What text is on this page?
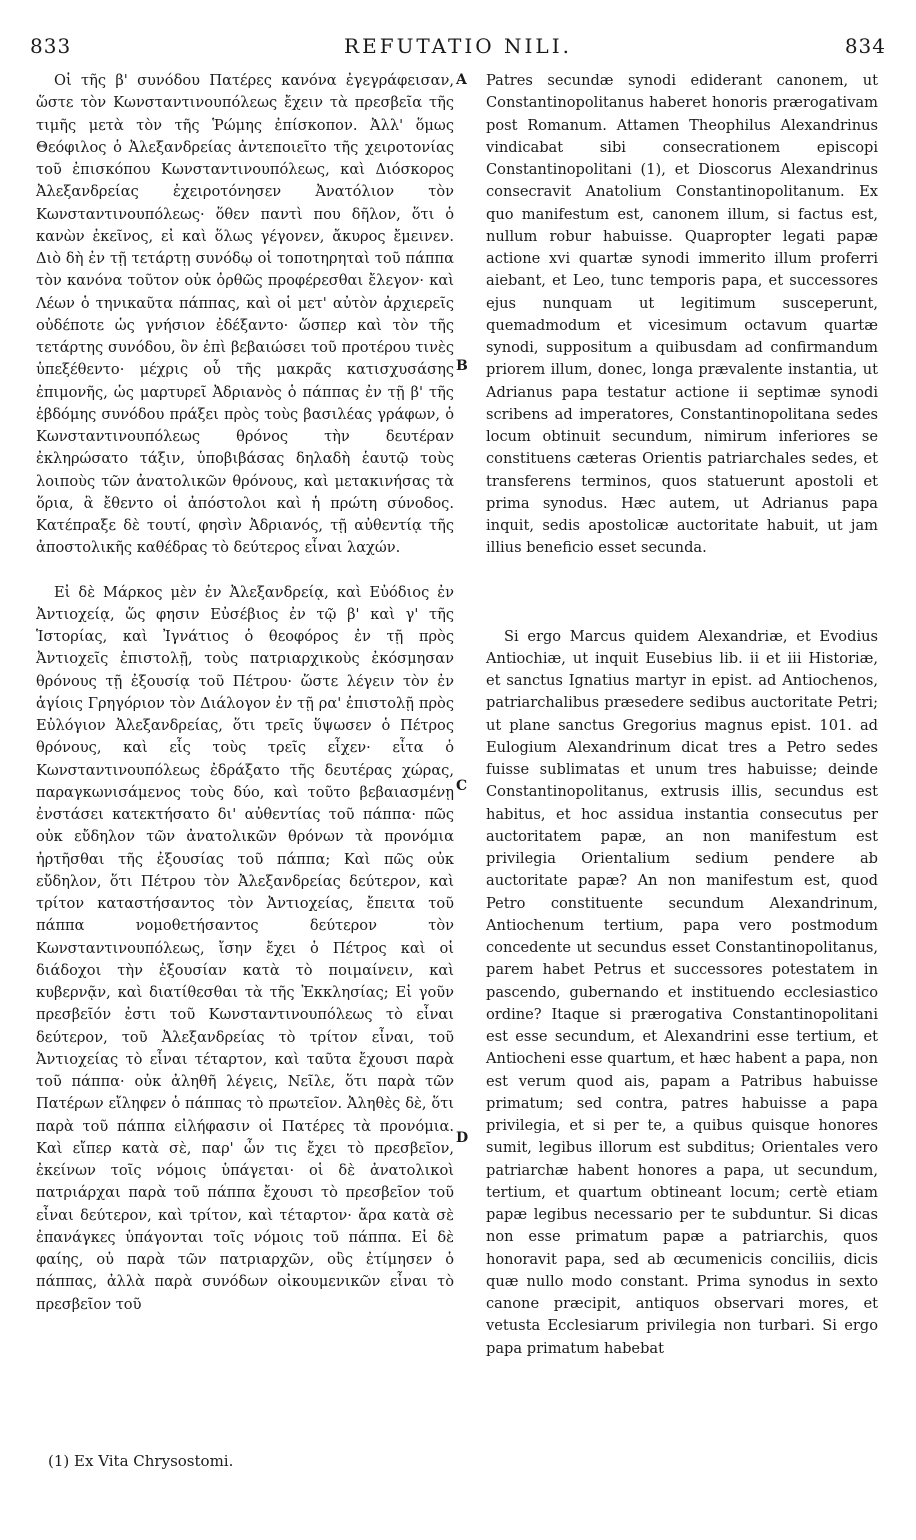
833	REFUTATIO NILI.	834

Οἱ τῆς β' συνόδου Πατέρες κανόνα ἐγεγράφεισαν, ὥστε τὸν Κωνσταντινουπόλεως ἔχειν τὰ πρεσβεῖα τῆς τιμῆς μετὰ τὸν τῆς Ῥώμης ἐπίσκοπον. Ἀλλ' ὅμως Θεόφιλος ὁ Ἀλεξανδρείας ἀντεποιεῖτο τῆς χειροτονίας τοῦ ἐπισκόπου Κωνσταντινουπόλεως, καὶ Διόσκορος Ἀλεξανδρείας ἐχειροτόνησεν Ἀνατόλιον τὸν Κωνσταντινουπόλεως· ὅθεν παντὶ που δῆλον, ὅτι ὁ κανὼν ἐκεῖνος, εἰ καὶ ὅλως γέγονεν, ἄκυρος ἔμεινεν. Διὸ δὴ ἐν τῇ τετάρτῃ συνόδῳ οἱ τοποτηρηταὶ τοῦ πάππα τὸν κανόνα τοῦτον οὐκ ὀρθῶς προφέρεσθαι ἔλεγον· καὶ Λέων ὁ τηνικαῦτα πάππας, καὶ οἱ μετ' αὐτὸν ἀρχιερεῖς οὐδέποτε ὡς γνήσιον ἐδέξαντο· ὥσπερ καὶ τὸν τῆς τετάρτης συνόδου, ὃν ἐπὶ βεβαιώσει τοῦ προτέρου τινὲς ὑπεξέθεντο· μέχρις οὗ τῆς μακρᾶς κατισχυσάσης ἐπιμονῆς, ὡς μαρτυρεῖ Ἀδριανὸς ὁ πάππας ἐν τῇ β' τῆς ἑβδόμης συνόδου πράξει πρὸς τοὺς βασιλέας γράφων, ὁ Κωνσταντινουπόλεως θρόνος τὴν δευτέραν ἐκληρώσατο τάξιν, ὑποβιβάσας δηλαδὴ ἑαυτῷ τοὺς λοιποὺς τῶν ἀνατολικῶν θρόνους, καὶ μετακινήσας τὰ ὅρια, ἃ ἔθεντο οἱ ἀπόστολοι καὶ ἡ πρώτη σύνοδος. Κατέπραξε δὲ τουτί, φησὶν Ἀδριανός, τῇ αὐθεντίᾳ τῆς ἀποστολικῆς καθέδρας τὸ δεύτερος εἶναι λαχών.

Εἰ δὲ Μάρκος μὲν ἐν Ἀλεξανδρείᾳ, καὶ Εὐόδιος ἐν Ἀντιοχείᾳ, ὥς φησιν Εὐσέβιος ἐν τῷ β' καὶ γ' τῆς Ἱστορίας, καὶ Ἰγνάτιος ὁ θεοφόρος ἐν τῇ πρὸς Ἀντιοχεῖς ἐπιστολῇ, τοὺς πατριαρχικοὺς ἐκόσμησαν θρόνους τῇ ἐξουσίᾳ τοῦ Πέτρου· ὥστε λέγειν τὸν ἐν ἁγίοις Γρηγόριον τὸν Διάλογον ἐν τῇ ρα' ἐπιστολῇ πρὸς Εὐλόγιον Ἀλεξανδρείας, ὅτι τρεῖς ὕψωσεν ὁ Πέτρος θρόνους, καὶ εἷς τοὺς τρεῖς εἶχεν· εἶτα ὁ Κωνσταντινουπόλεως ἐδράξατο τῆς δευτέρας χώρας, παραγκωνισάμενος τοὺς δύο, καὶ τοῦτο βεβαιασμένῃ ἐνστάσει κατεκτήσατο δι' αὐθεντίας τοῦ πάππα· πῶς οὐκ εὔδηλον τῶν ἀνατολικῶν θρόνων τὰ προνόμια ἠρτῆσθαι τῆς ἐξουσίας τοῦ πάππα; Καὶ πῶς οὐκ εὔδηλον, ὅτι Πέτρου τὸν Ἀλεξανδρείας δεύτερον, καὶ τρίτον καταστήσαντος τὸν Ἀντιοχείας, ἔπειτα τοῦ πάππα νομοθετήσαντος δεύτερον τὸν Κωνσταντινουπόλεως, ἴσην ἔχει ὁ Πέτρος καὶ οἱ διάδοχοι τὴν ἐξουσίαν κατὰ τὸ ποιμαίνειν, καὶ κυβερνᾷν, καὶ διατίθεσθαι τὰ τῆς Ἐκκλησίας; Εἰ γοῦν πρεσβεῖόν ἐστι τοῦ Κωνσταντινουπόλεως τὸ εἶναι δεύτερον, τοῦ Ἀλεξανδρείας τὸ τρίτον εἶναι, τοῦ Ἀντιοχείας τὸ εἶναι τέταρτον, καὶ ταῦτα ἔχουσι παρὰ τοῦ πάππα· οὐκ ἀληθῆ λέγεις, Νεῖλε, ὅτι παρὰ τῶν Πατέρων εἴληφεν ὁ πάππας τὸ πρωτεῖον. Ἀληθὲς δὲ, ὅτι παρὰ τοῦ πάππα εἰλήφασιν οἱ Πατέρες τὰ προνόμια. Καὶ εἴπερ κατὰ σὲ, παρ' ὧν τις ἔχει τὸ πρεσβεῖον, ἐκείνων τοῖς νόμοις ὑπάγεται· οἱ δὲ ἀνατολικοὶ πατριάρχαι παρὰ τοῦ πάππα ἔχουσι τὸ πρεσβεῖον τοῦ εἶναι δεύτερον, καὶ τρίτον, καὶ τέταρτον· ἄρα κατὰ σὲ ἐπανάγκες ὑπάγονται τοῖς νόμοις τοῦ πάππα. Εἰ δὲ φαίης, οὐ παρὰ τῶν πατριαρχῶν, οὓς ἐτίμησεν ὁ πάππας, ἀλλὰ παρὰ συνόδων οἰκουμενικῶν εἶναι τὸ πρεσβεῖον τοῦ

Patres secundæ synodi ediderant canonem, ut Constantinopolitanus haberet honoris prærogativam post Romanum. Attamen Theophilus Alexandrinus vindicabat sibi consecrationem episcopi Constantinopolitani (1), et Dioscorus Alexandrinus consecravit Anatolium Constantinopolitanum. Ex quo manifestum est, canonem illum, si factus est, nullum robur habuisse. Quapropter legati papæ actione xvi quartæ synodi immerito illum proferri aiebant, et Leo, tunc temporis papa, et successores ejus nunquam ut legitimum susceperunt, quemadmodum et vicesimum octavum quartæ synodi, suppositum a quibusdam ad confirmandum priorem illum, donec, longa prævalente instantia, ut Adrianus papa testatur actione ii septimæ synodi scribens ad imperatores, Constantinopolitana sedes locum obtinuit secundum, nimirum inferiores se constituens cæteras Orientis patriarchales sedes, et transferens terminos, quos statuerunt apostoli et prima synodus. Hæc autem, ut Adrianus papa inquit, sedis apostolicæ auctoritate habuit, ut jam illius beneficio esset secunda.

Si ergo Marcus quidem Alexandriæ, et Evodius Antiochiæ, ut inquit Eusebius lib. ii et iii Historiæ, et sanctus Ignatius martyr in epist. ad Antiochenos, patriarchalibus præsedere sedibus auctoritate Petri; ut plane sanctus Gregorius magnus epist. 101. ad Eulogium Alexandrinum dicat tres a Petro sedes fuisse sublimatas et unum tres habuisse; deinde Constantinopolitanus, extrusis illis, secundus est habitus, et hoc assidua instantia consecutus per auctoritatem papæ, an non manifestum est privilegia Orientalium sedium pendere ab auctoritate papæ? An non manifestum est, quod Petro constituente secundum Alexandrinum, Antiochenum tertium, papa vero postmodum concedente ut secundus esset Constantinopolitanus, parem habet Petrus et successores potestatem in pascendo, gubernando et instituendo ecclesiastico ordine? Itaque si prærogativa Constantinopolitani est esse secundum, et Alexandrini esse tertium, et Antiocheni esse quartum, et hæc habent a papa, non est verum quod ais, papam a Patribus habuisse primatum; sed contra, patres habuisse a papa privilegia, et si per te, a quibus quisque honores sumit, legibus illorum est subditus; Orientales vero patriarchæ habent honores a papa, ut secundum, tertium, et quartum obtineant locum; certè etiam papæ legibus necessario per te subduntur. Si dicas non esse primatum papæ a patriarchis, quos honoravit papa, sed ab œcumenicis conciliis, dicis quæ nullo modo constant. Prima synodus in sexto canone præcipit, antiquos observari mores, et vetusta Ecclesiarum privilegia non turbari. Si ergo papa primatum habebat

A
B
C
D
(1) Ex Vita Chrysostomi.
